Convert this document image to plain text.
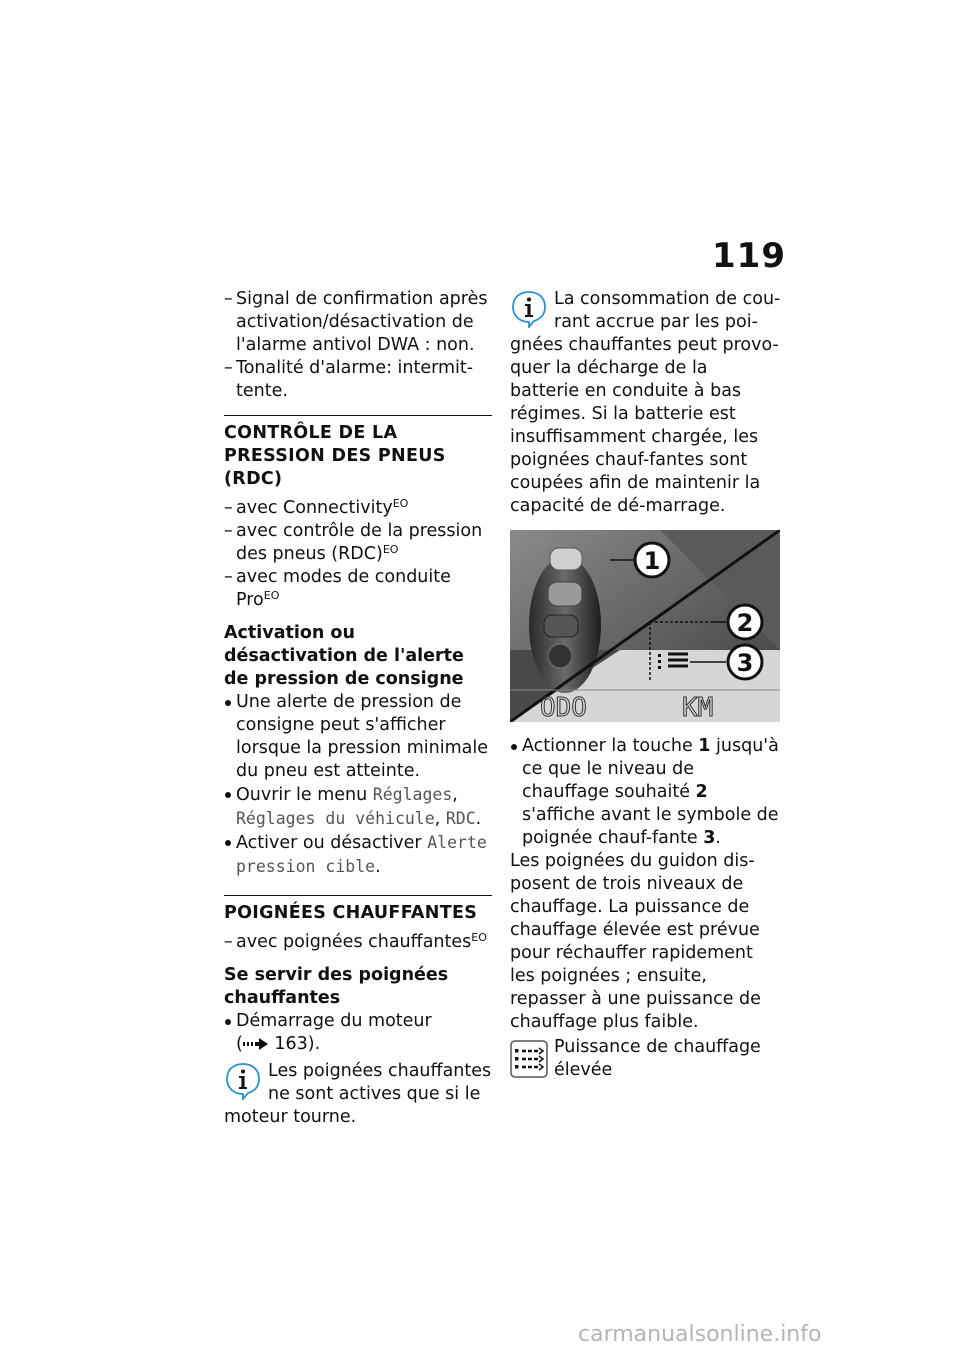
119
– Signal de confirmation après activation/désactivation de l'alarme antivol DWA : non.
– Tonalité d'alarme: intermit-tente.
CONTRÔLE DE LA PRESSION DES PNEUS (RDC)
– avec Connectivity$^{EO}$
– avec contrôle de la pression des pneus (RDC)$^{EO}$
– avec modes de conduite Pro$^{EO}$
Activation ou désactivation de l'alerte de pression de consigne
Une alerte de pression de consigne peut s'afficher lorsque la pression minimale du pneu est atteinte.
Ouvrir le menu Réglages, Réglages du véhicule, RDC.
Activer ou désactiver Alerte pression cible.
POIGNÉES CHAUFFANTES
– avec poignées chauffantes$^{EO}$
Se servir des poignées chauffantes
Démarrage du moteur
( 163).
Les poignées chauffantes ne sont actives que si le
moteur tourne.
La consommation de cou-rant accrue par les poi-
gnées chauffantes peut provo-quer la décharge de la batterie en conduite à bas régimes. Si la batterie est insuffisamment chargée, les poignées chauf-fantes sont coupées afin de maintenir la capacité de dé-marrage.
ODO	KM
1
2
3
Actionner la touche 1 jusqu'à ce que le niveau de chauffage souhaité 2 s'affiche avant le symbole de poignée chauf-fante 3.

Les poignées du guidon dis-posent de trois niveaux de chauffage. La puissance de chauffage élevée est prévue pour réchauffer rapidement les poignées ; ensuite, repasser à une puissance de chauffage plus faible.

Puissance de chauffage élevée
carmanualsonline.info
